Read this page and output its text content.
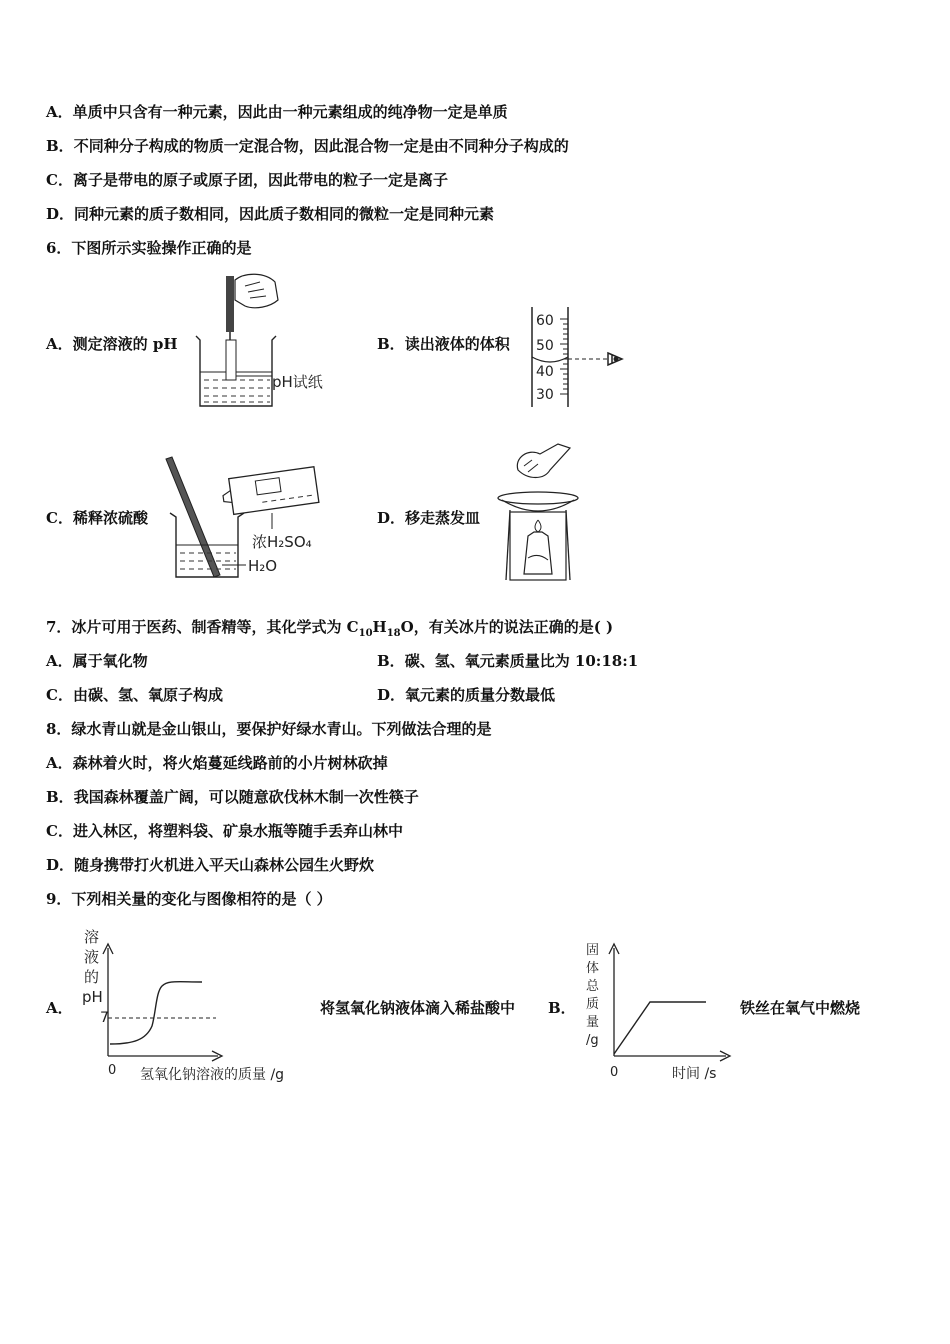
A．单质中只含有一种元素，因此由一种元素组成的纯净物一定是单质
B．不同种分子构成的物质一定混合物，因此混合物一定是由不同种分子构成的
C．离子是带电的原子或原子团，因此带电的粒子一定是离子
D．同种元素的质子数相同，因此质子数相同的微粒一定是同种元素
6．下图所示实验操作正确的是
A．测定溶液的 pH
pH试纸
B．读出液体的体积
60
50
40
30
C．稀释浓硫酸
浓H₂SO₄
H₂O
D．移走蒸发皿
7．冰片可用于医药、制香精等，其化学式为 $C_{10}H_{18}O$，有关冰片的说法正确的是( )
A．属于氧化物	B．碳、氢、氧元素质量比为 10:18:1
C．由碳、氢、氧原子构成	D．氧元素的质量分数最低
8．绿水青山就是金山银山，要保护好绿水青山。下列做法合理的是
A．森林着火时，将火焰蔓延线路前的小片树林砍掉
B．我国森林覆盖广阔，可以随意砍伐林木制一次性筷子
C．进入林区，将塑料袋、矿泉水瓶等随手丢弃山林中
D．随身携带打火机进入平天山森林公园生火野炊
9．下列相关量的变化与图像相符的是（ ）
A．
溶
液
的
pH
7
0 氢氧化钠溶液的质量 /g
将氢氧化钠液体滴入稀盐酸中 B．
固
体
总
质
量
/g
0	时间 /s
铁丝在氧气中燃烧
